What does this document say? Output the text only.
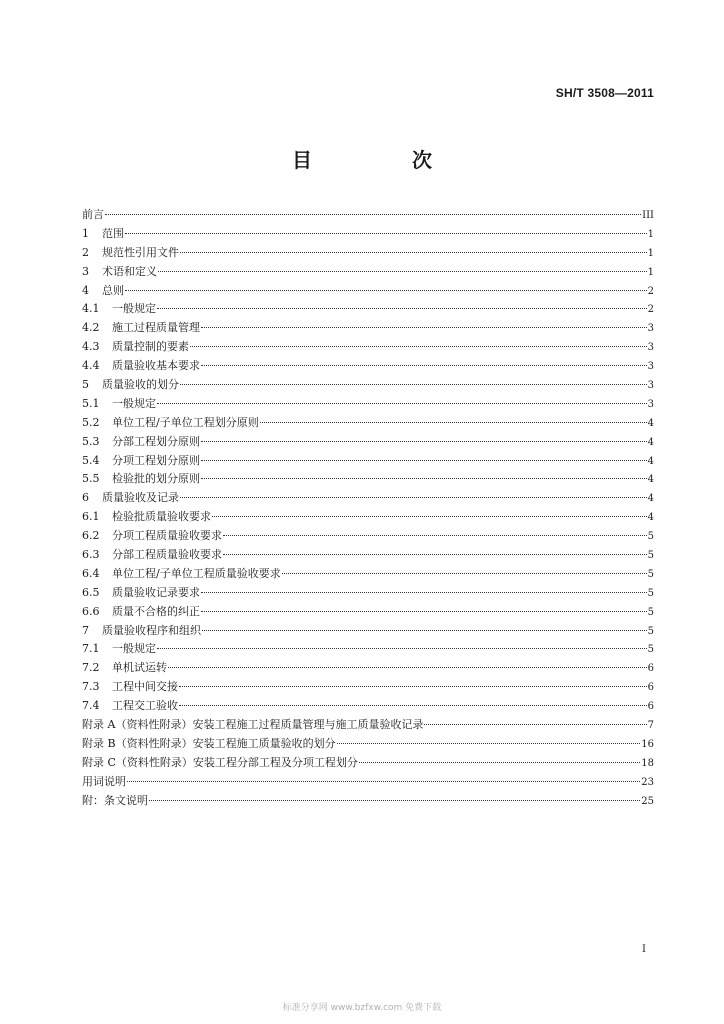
SH/T 3508—2011
目　次
前言	III
1	范围	1
2	规范性引用文件	1
3	术语和定义	1
4	总则	2
4.1	一般规定	2
4.2	施工过程质量管理	3
4.3	质量控制的要素	3
4.4	质量验收基本要求	3
5	质量验收的划分	3
5.1	一般规定	3
5.2	单位工程/子单位工程划分原则	4
5.3	分部工程划分原则	4
5.4	分项工程划分原则	4
5.5	检验批的划分原则	4
6	质量验收及记录	4
6.1	检验批质量验收要求	4
6.2	分项工程质量验收要求	5
6.3	分部工程质量验收要求	5
6.4	单位工程/子单位工程质量验收要求	5
6.5	质量验收记录要求	5
6.6	质量不合格的纠正	5
7	质量验收程序和组织	5
7.1	一般规定	5
7.2	单机试运转	6
7.3	工程中间交接	6
7.4	工程交工验收	6
附录 A（资料性附录）安装工程施工过程质量管理与施工质量验收记录	7
附录 B（资料性附录）安装工程施工质量验收的划分	16
附录 C（资料性附录）安装工程分部工程及分项工程划分	18
用词说明	23
附：条文说明	25
I
标准分享网 www.bzfxw.com 免费下载
